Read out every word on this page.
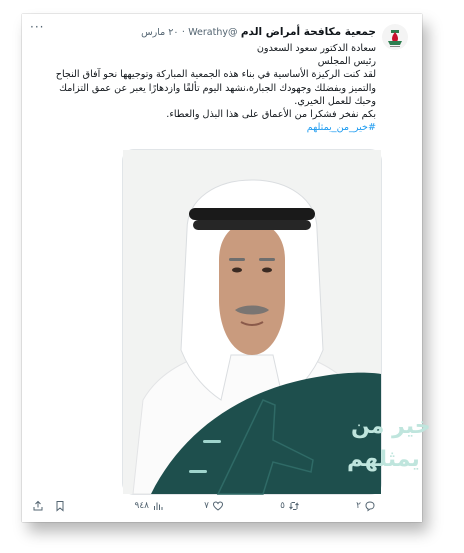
جمعية مكافحة أمراض الدم @Werathy · ٢٠ مارس
···

سعادة الدكتور سعود السعدون

رئيس المجلس

لقد كنت الركيزة الأساسية في بناء هذه الجمعية المباركة وتوجيهها نحو آفاق النجاح والتميز وبفضلك وجهودك الجبارة،نشهد اليوم تألقًا وازدهارًا يعبر عن عمق التزامك وحبك للعمل الخيري.

بكم نفخر فشكرا من الأعماق على هذا البذل والعطاء.

#خير_من_يمثلهم

خير من
يمثلهم
٢
٥
٧
٩٤٨
